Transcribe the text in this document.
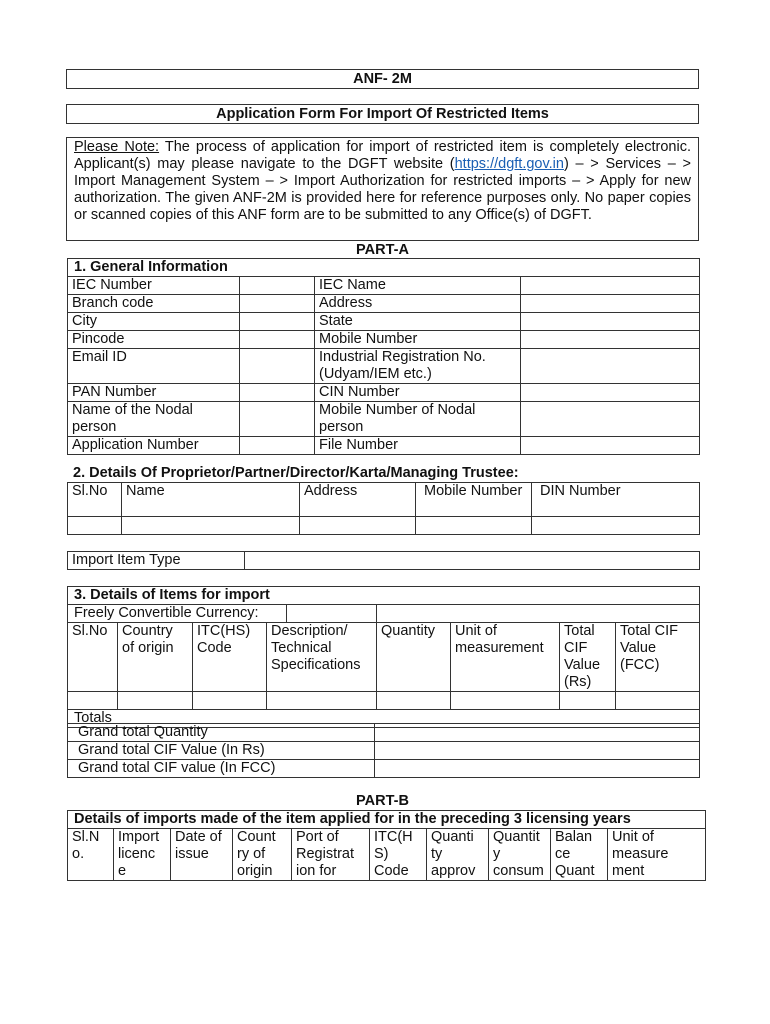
ANF- 2M
Application Form For Import Of Restricted Items
Please Note: The process of application for import of restricted item is completely electronic. Applicant(s) may please navigate to the DGFT website (https://dgft.gov.in) – > Services – > Import Management System – > Import Authorization for restricted imports – > Apply for new authorization. The given ANF-2M is provided here for reference purposes only. No paper copies or scanned copies of this ANF form are to be submitted to any Office(s) of DGFT.
PART-A
1. General Information			
IEC Number		IEC Name	
Branch code		Address	
City		State	
Pincode		Mobile Number	
Email ID		Industrial Registration No. (Udyam/IEM etc.)	
PAN Number		CIN Number	
Name of the Nodal person		Mobile Number of Nodal person	
Application Number		File Number	
2. Details Of Proprietor/Partner/Director/Karta/Managing Trustee:
Sl.No	Name	Address	Mobile Number	DIN Number

Import Item Type	
3. Details of Items for import							

Freely Convertible Currency:							

Sl.No	Country of origin	ITC(HS) Code	Description/ Technical Specifications	Quantity	Unit of measurement	Total CIF Value (Rs)	Total CIF Value (FCC)

Totals							
Grand total Quantity	
Grand total CIF Value (In Rs)	
Grand total CIF value (In FCC)	
PART-B
Details of imports made of the item applied for in the preceding 3 licensing years
Sl.N o.	Import licenc e	Date of issue	Count ry of origin	Port of Registrat ion for	ITC(H S) Code	Quanti ty approv	Quantit y consum	Balan ce Quant	Unit of measure ment
